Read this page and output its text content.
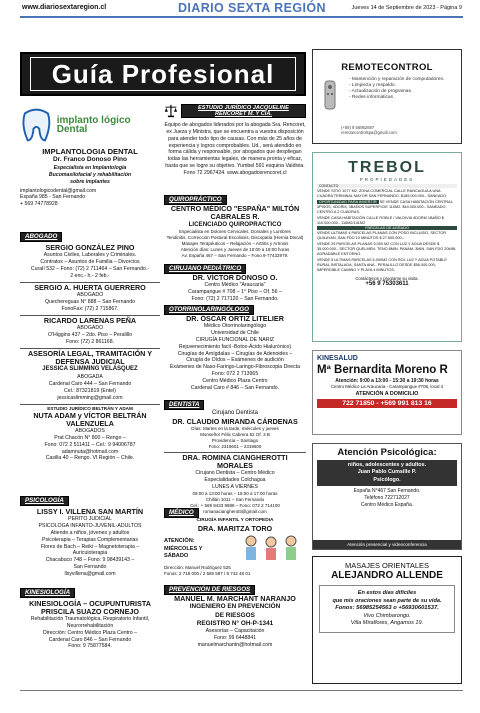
www.diariosextaregion.cl	DIARIO SEXTA REGIÓN	Jueves 14 de Septiembre de 2023 - Página 9
Guía Profesional
implanto lógico Dental
IMPLANTOLOGIA DENTAL
Dr. Franco Donoso Pino
Especialista en Implantología
Bucomaxilofacial y rehabilitación
sobre implantes
implantologicodental@gmail.com
España 985 - San Fernando
+ 569 74778928
ABOGADO
SERGIO GONZÁLEZ PINO
Asuntos Civiles, Laborales y Criminales.
Contratos – Asuntos de Familia – Divorcios
Curalí 532 – Fono: (72) 2 711464 – San Fernando.-
2 enc.- h.- 2 feb.-
SERGIO A. HUERTA GUERRERO
ABOGADO
Quechereguas N° 888 – San Fernando
FonoFax: (72) 2 715867.
RICARDO LARENAS PEÑA
ABOGADO
O'Higgins 437 – 2do. Piso – Peralillo
Fono: (72) 2 861168.
ASESORÍA LEGAL, TRAMITACIÓN Y DEFENSA JUDICIAL
JESSICA SLIMMING VELÁSQUEZ
ABOGADA
Cardenal Caro 444 – San Fernando
Cel.: 87321819 (Entel)
jessicaslimming@gmail.com
ESTUDIO JURÍDICO BELTRÁN Y ADAM
NUTA ADAM y VÍCTOR BELTRÁN VALENZUELA
ABOGADOS
Prat Chacón N° 800 – Rengo –
Fono: 072 2 511411 – Cel.: 9 94006787
adamnuta@hotmail.com
Casilla 40 – Rengo. VI Región – Chile.
PSICOLOGÍA
LISSY I. VILLENA SAN MARTÍN
PERITO JUDICIAL
PSICOLOGA INFANTO-JUVENIL-ADULTOS
Atiende a niños, jóvenes y adultos
Psicoterapia – Terapias Complementarias
Flores de Bach – Reiki – Magnetoterapia –
Auriculoterapia
Chacabuco 748 – Fono: 9 98439143 –
San Fernando
llsyvillena@gmail.com
KINESIOLOGÍA
KINESIOLOGÍA – OCUPUNTURISTA PRISCILA SUAZO CORNEJO
Rehabilitación Traumatológica, Respiratorio Infantil,
Neurorrehabilitación
Dirección: Centro Médico Plaza Centro –
Cardenal Caro 846 – San Fernando
Fono: 9 75877584.
ESTUDIO JURÍDICO JACQUELINE RENCORET M. Y CÍA.
Equipo de abogados liderados por la abogada Sra. Rencoret, ex Jueza y Ministra, que se encuentra a vuestra disposición para atender todo tipo de causas. Con más de 25 años de experiencia y logros comprobables. Ud., será atendido en forma cálida y responsable, por abogados que despliegan todas las herramientas legales, de manera pronta y eficaz, hasta que se logre su objetivo. Yumbel 591 esquina Valdivia. Fono 72 2967424. www.abogadosrencoret.cl
QUIROPRÁCTICO
CENTRO MÉDICO "ESPAÑA" MILTÓN CABRALES R.
LICENCIADO QUIROPRACTICO
Especialista en Dolores Cervicales, Dorsales y Lumbres
Tendinitis. Corrección Postural Escoliosis, Discopatía (Hernia Discal)
Masajes Terapéuticos – Relajación – Artritis y Artrosis
Atención días: Lunes y Jueves de 10:00 a 18:00 horas
Av. España 467 – San Fernando – Fono 9-77432979.
CIRUJANO PEDIÁTRICO
DR. VÍCTOR DONOSO O.
Centro Médico "Araucaria"
Carampangue # 708 – 1° Piso – Of. 56 –
Fono: (72) 2 717120 – San Fernando.
OTORRINOLARINGÓLOGO
DR. ÓSCAR ORTIZ LITELIER
Médico Otorrinolaringólogo
Universidad de Chile
CIRUGÍA FUNCIONAL DE NARIZ
Rejuvenecimiento facil -Botox-Ácido Hialurónico)
Cirugías de Amígdalas – Cirugías de Adenoides –
Cirugía de Oídos – Exámenes de audición
Exámenes de Naso-Faringo-Laringo-Fibroscopia Directa
Fono: 072 2 713965
Centro Médico Plaza Centro
Cardenal Caro # 846 – San Fernando.
DENTISTA
Cirujano Dentista
DR. CLAUDIO MIRANDA CÁRDENAS
Días: Martes en la tarde, miércoles y jueves
Monseñor Félix Cabrera 62 Of. 3 B
Providencia – Santiago
Fono: 2319601 – 2319600
DRA. ROMINA CIANGHEROTTI MORALES
Cirujano Dentista – Centro Médico
Especialidades Colchagua
LUNES A VIERNES
09:00 a 13:00 horas – 15:00 a 17:00 horas
Chillán 1011 – San Fernando
Cel.: + 569 9433 9888 – Fono: 072 2 714100
romanaciangherotti@gmail.com
MÉDICO
CIRUGÍA INFANTIL Y ORTOPEDIA
DRA. MARITZA TORO
ATENCIÓN: MIÉRCOLES Y SÁBADO
Dirección: Manuel Rodríguez 525
Fonos: 2 718 000 / 2 585 597 / 9 742 48 01
PREVENCIÓN DE RIESGOS
MANUEL M. MARCHANT NARANJO
INGENIERO EN PREVENCIÓN
DE RIESGOS
REGISTRO N° OH-P-1341
Asesorías – Capacitación
Fono: 99 6448841
manuelmarchantn@hotmail.com
REMOTECONTROL
- Mantención y reparación de computadores.
- Limpieza y respaldo.
- Actualización de programas.
- Redes informáticas
(+56) 9 56982697
remotecontrolspa@gmail.com
TREBOL
PROPIEDADES
CONTACTO
VENDE SITIO 1077 M2, ZONA COMERCIAL CALLE RANCAGUA A UNA CUADRA TERMINAL MAYOR SAN FERNANDO. $185.000.000.- SANEADO.
OPORTUNIDAD PARA INVERTIR SE VENDE CASA HABITACIÓN CENTRAL 3PISOS, 4DORM, 3BAÑOS SUPERFICIE 110M2. $44.000.000.- SANEADO, CENTRO A 2 CUADRAS.
VENDE CASA HABITACIÓN CALLE ROBLE / VALDIVIA 4DORM 1BAÑO $ 110.000.000.- 116M2/141M2
PARCELAS DE AGRADO
VENDE ULTIMAS 4 PARCELAS PLANAS CON POSO INCLUIDO, SECTOR QUILAYAN, SAN FDO 10 MINUTOS $ 27.500.000.-
VENDE 29 PARCELAS PLANAS 5.000 M2 CON LUZ Y AGUA DESDE $ 35.000.000.- SECTOR QUELMEN, TENO 8MIN. PANAM. 3MIN. SAN FDO 20MIN. AGRADABLE ENTORNO.
VENDE 5 ULTIMAS PARCELAS 5.000M2 CON ROL LUZ Y AGUA POTABLE RURAL INSTALADA, SANTA ANA - PERALILLO DESDE $56.000.000, IMPERDIBLE CAMINO Y PLAYA 4 MINUTOS.
Contáctenos y programe su visita.
+56 9 75303611
KINESALUD
Mª Bernardita Moreno R
Atención: 9:00 a 13:00 - 15:30 a 19:30 horas
Centro Médico La Araucaria - Carampangue #708, local 4
ATENCIÓN A DOMICILIO
722 71850 - +569 991 813 16
Atención Psicológica:
niños, adolescentes y adultos.
Juan Pablo Cumsille P.
Psicólogo.
España N°467 San Fernando.
Teléfono 722712027
Centro Médico España.
Atención presencial y videoconferencia
MASAJES ORIENTALES
ALEJANDRO ALLENDE
En estos días difíciles
que mis oraciones sean parte de su vida.
Fonos: 56985254563 o +56930601537.
Vivo Chimbarongo.
Villa Miraflores, Angamos 19.
